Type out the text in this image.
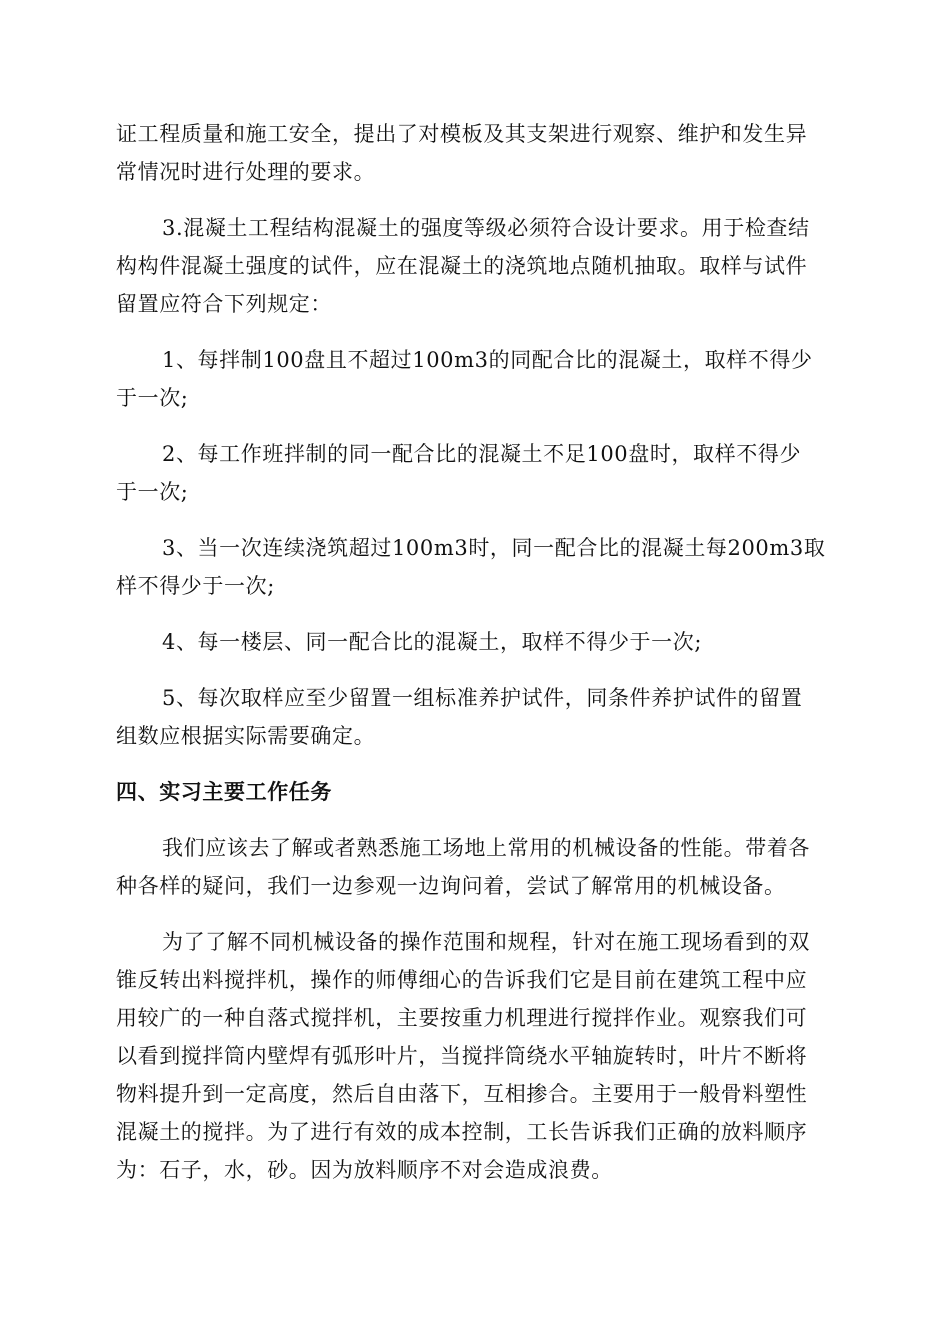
证工程质量和施工安全，提出了对模板及其支架进行观察、维护和发生异
常情况时进行处理的要求。
3.混凝土工程结构混凝土的强度等级必须符合设计要求。用于检查结
构构件混凝土强度的试件，应在混凝土的浇筑地点随机抽取。取样与试件
留置应符合下列规定：
1、每拌制100盘且不超过100m3的同配合比的混凝土，取样不得少
于一次;
2、每工作班拌制的同一配合比的混凝土不足100盘时，取样不得少
于一次;
3、当一次连续浇筑超过100m3时，同一配合比的混凝土每200m3取
样不得少于一次;
4、每一楼层、同一配合比的混凝土，取样不得少于一次;
5、每次取样应至少留置一组标准养护试件，同条件养护试件的留置
组数应根据实际需要确定。
四、实习主要工作任务
我们应该去了解或者熟悉施工场地上常用的机械设备的性能。带着各
种各样的疑问，我们一边参观一边询问着，尝试了解常用的机械设备。
为了了解不同机械设备的操作范围和规程，针对在施工现场看到的双
锥反转出料搅拌机，操作的师傅细心的告诉我们它是目前在建筑工程中应
用较广的一种自落式搅拌机，主要按重力机理进行搅拌作业。观察我们可
以看到搅拌筒内壁焊有弧形叶片，当搅拌筒绕水平轴旋转时，叶片不断将
物料提升到一定高度，然后自由落下，互相掺合。主要用于一般骨料塑性
混凝土的搅拌。为了进行有效的成本控制，工长告诉我们正确的放料顺序
为：石子，水，砂。因为放料顺序不对会造成浪费。
